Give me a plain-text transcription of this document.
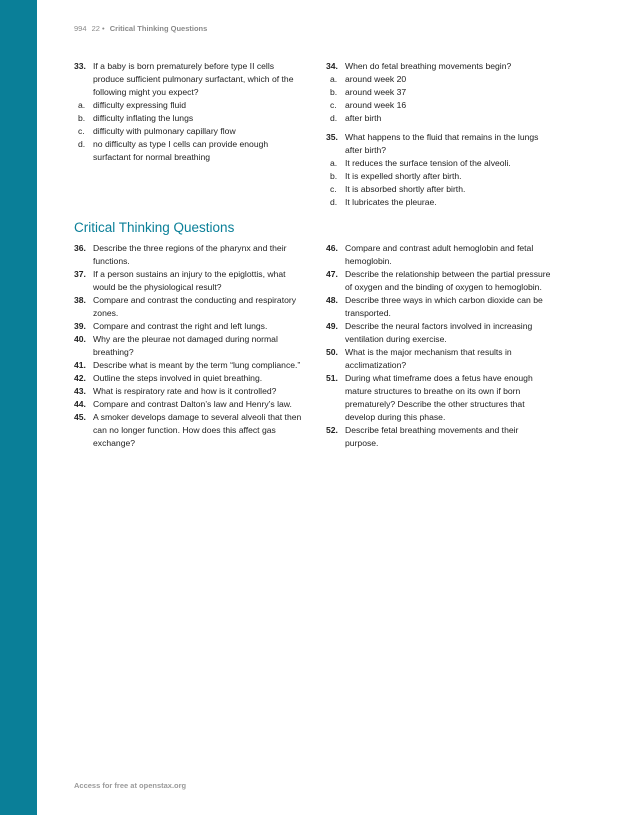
994 22 • Critical Thinking Questions
33. If a baby is born prematurely before type II cells produce sufficient pulmonary surfactant, which of the following might you expect?
a. difficulty expressing fluid
b. difficulty inflating the lungs
c. difficulty with pulmonary capillary flow
d. no difficulty as type I cells can provide enough surfactant for normal breathing
34. When do fetal breathing movements begin?
a. around week 20
b. around week 37
c. around week 16
d. after birth
35. What happens to the fluid that remains in the lungs after birth?
a. It reduces the surface tension of the alveoli.
b. It is expelled shortly after birth.
c. It is absorbed shortly after birth.
d. It lubricates the pleurae.
Critical Thinking Questions
36. Describe the three regions of the pharynx and their functions.
37. If a person sustains an injury to the epiglottis, what would be the physiological result?
38. Compare and contrast the conducting and respiratory zones.
39. Compare and contrast the right and left lungs.
40. Why are the pleurae not damaged during normal breathing?
41. Describe what is meant by the term “lung compliance.”
42. Outline the steps involved in quiet breathing.
43. What is respiratory rate and how is it controlled?
44. Compare and contrast Dalton’s law and Henry’s law.
45. A smoker develops damage to several alveoli that then can no longer function. How does this affect gas exchange?
46. Compare and contrast adult hemoglobin and fetal hemoglobin.
47. Describe the relationship between the partial pressure of oxygen and the binding of oxygen to hemoglobin.
48. Describe three ways in which carbon dioxide can be transported.
49. Describe the neural factors involved in increasing ventilation during exercise.
50. What is the major mechanism that results in acclimatization?
51. During what timeframe does a fetus have enough mature structures to breathe on its own if born prematurely? Describe the other structures that develop during this phase.
52. Describe fetal breathing movements and their purpose.
Access for free at openstax.org
